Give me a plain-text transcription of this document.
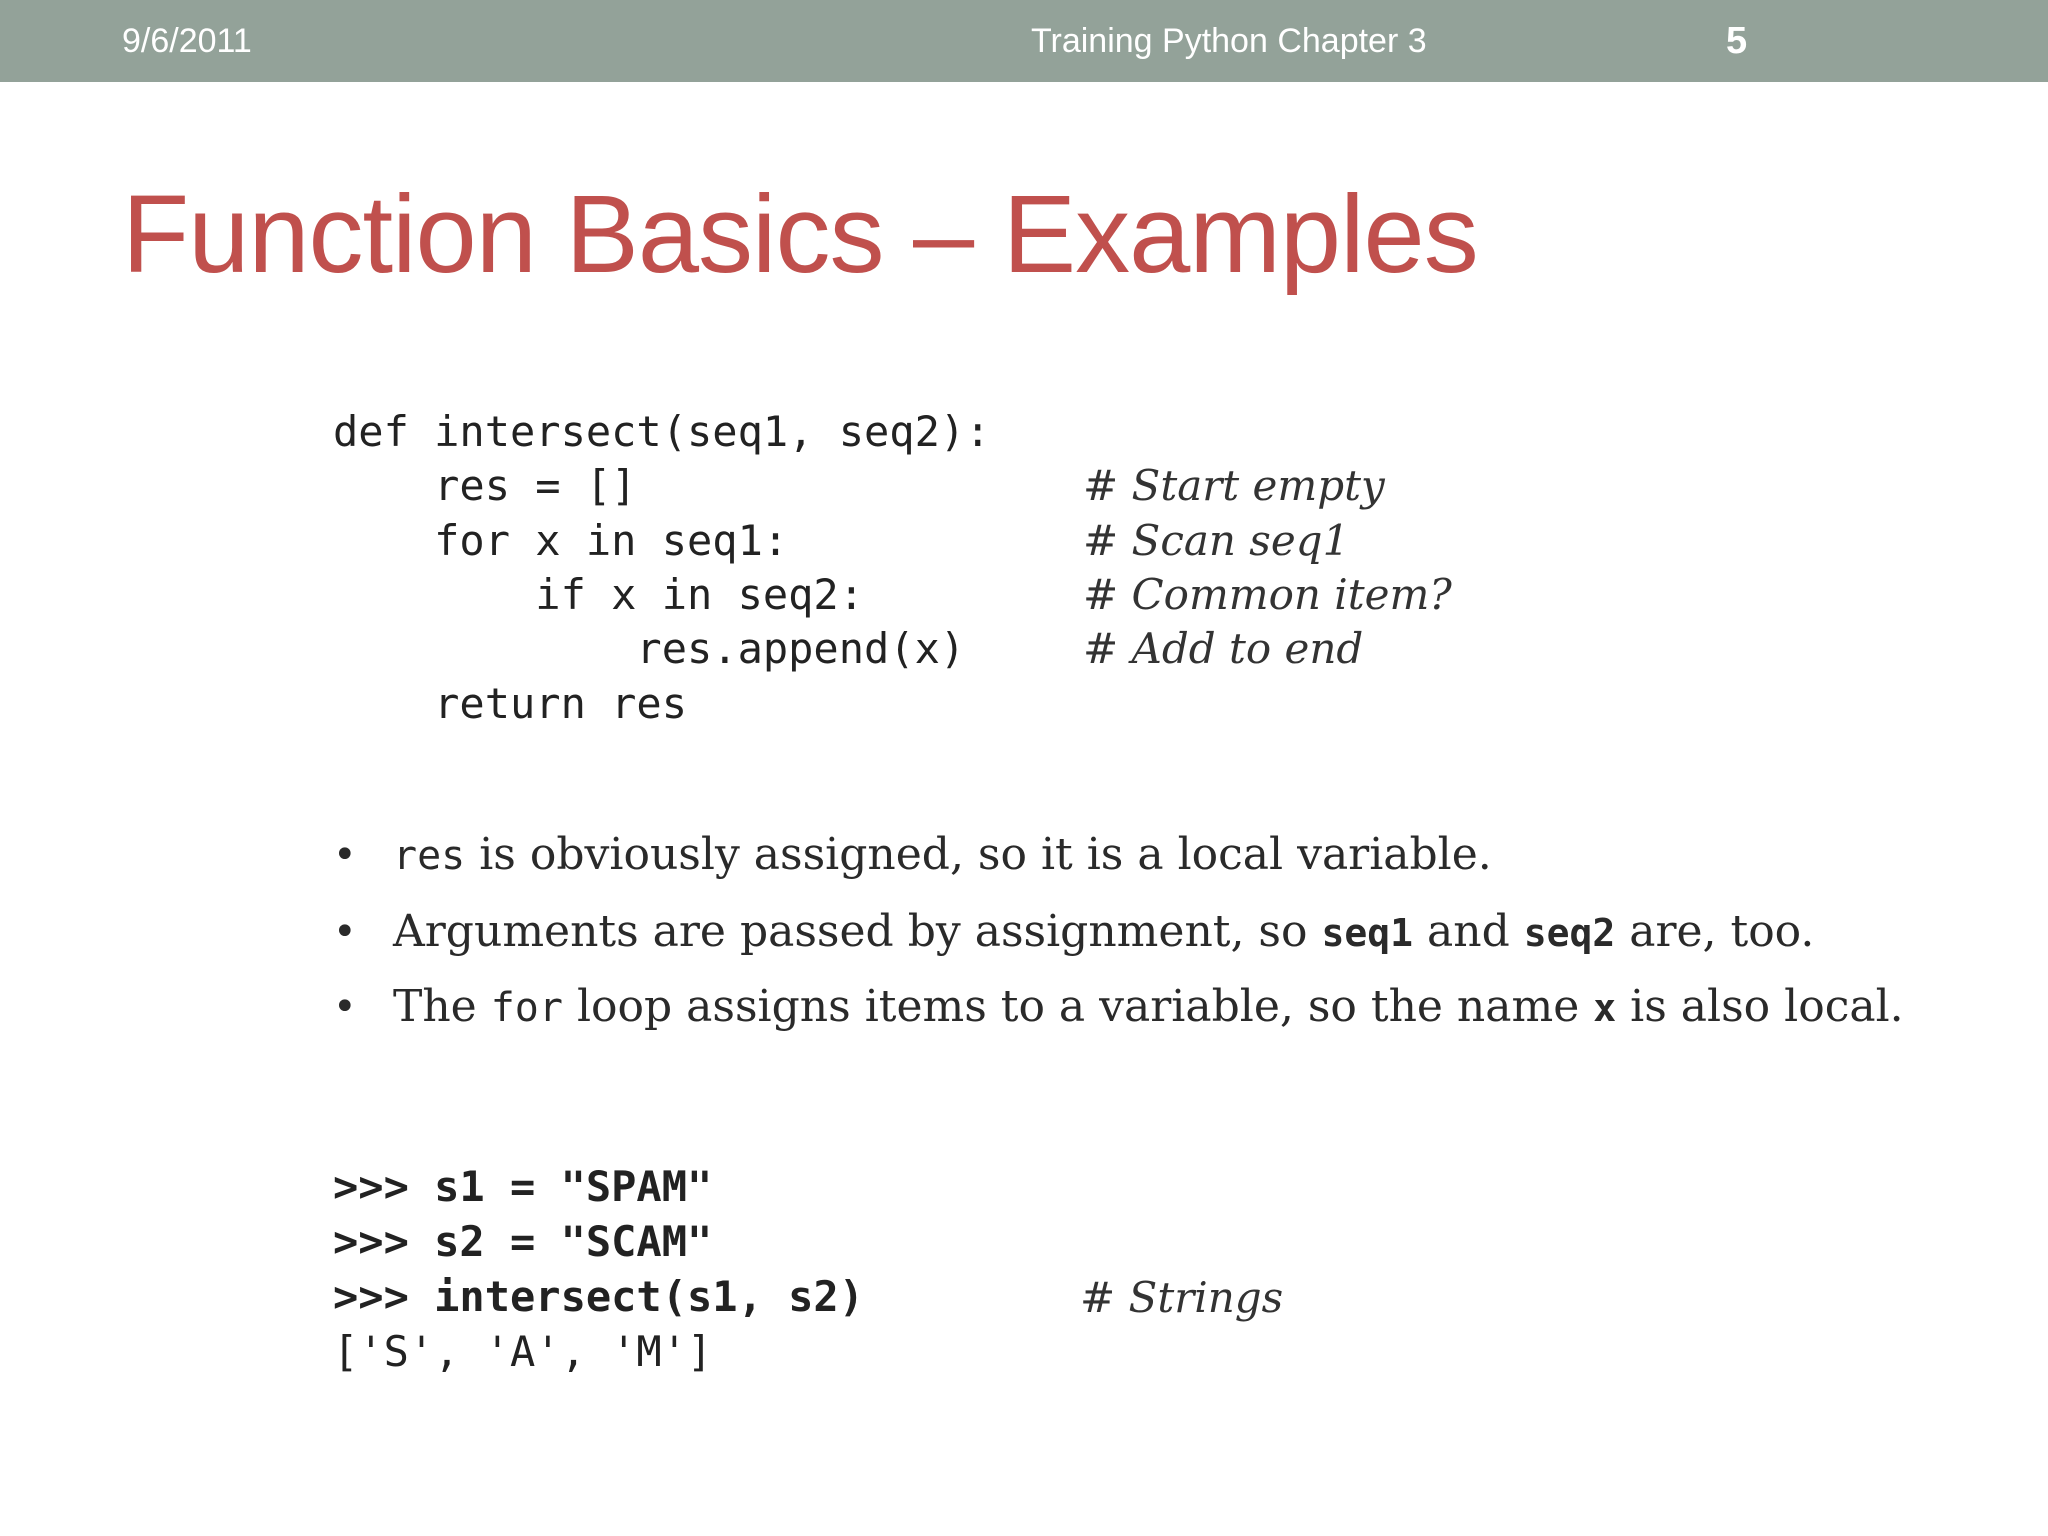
9/6/2011	Training Python Chapter 3	5
Function Basics – Examples
def intersect(seq1, seq2):
res = []
for x in seq1:
if x in seq2:
res.append(x)
return res
# Start empty
# Scan seq1
# Common item?
# Add to end
• res is obviously assigned, so it is a local variable.
• Arguments are passed by assignment, so seq1 and seq2 are, too.
• The for loop assigns items to a variable, so the name x is also local.
>>> s1 = "SPAM"
>>> s2 = "SCAM"
>>> intersect(s1, s2)
['S', 'A', 'M']
# Strings
